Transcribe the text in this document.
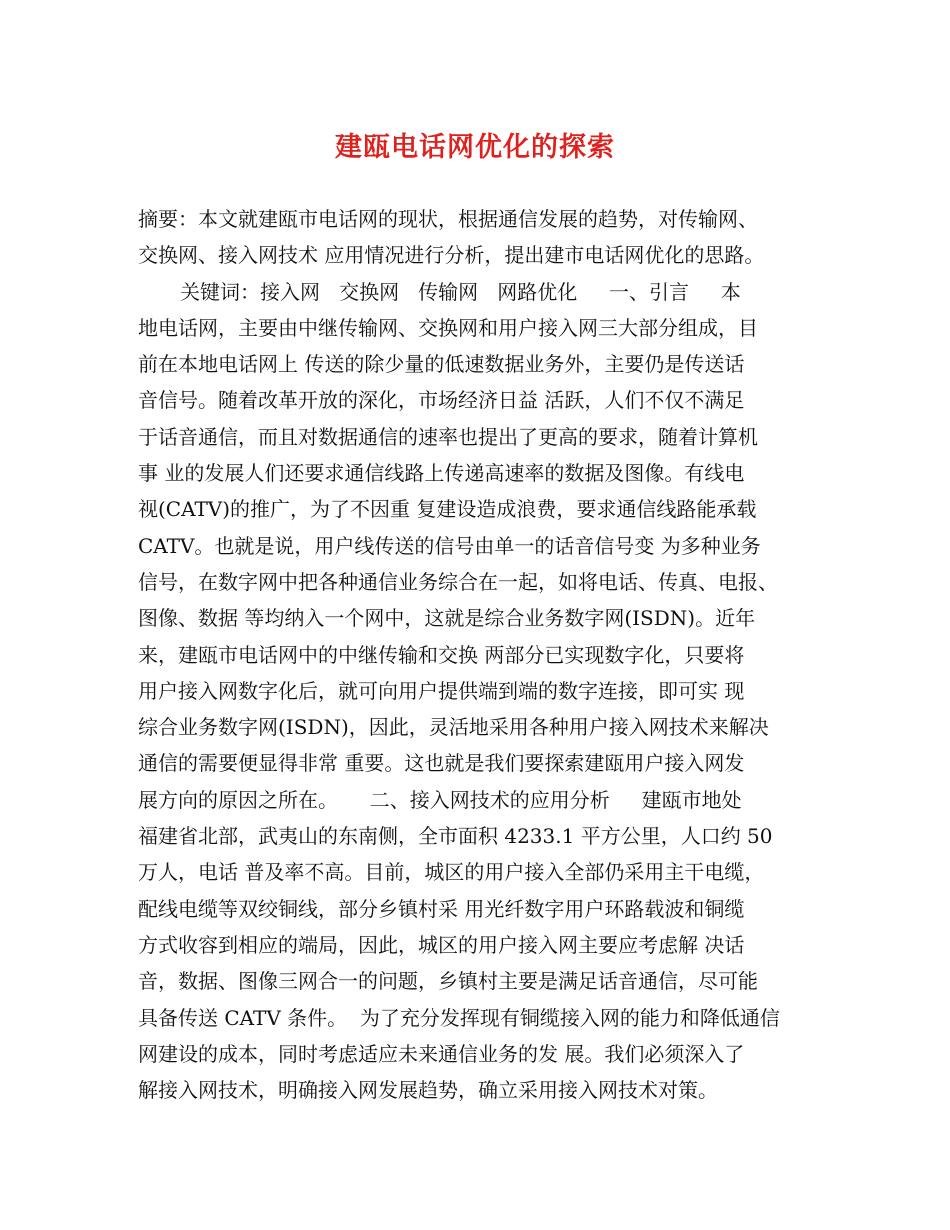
建瓯电话网优化的探索
摘要：本文就建瓯市电话网的现状，根据通信发展的趋势，对传输网、
交换网、接入网技术 应用情况进行分析，提出建市电话网优化的思路。
关键词：接入网   交换网   传输网   网路优化     一、引言     本
地电话网，主要由中继传输网、交换网和用户接入网三大部分组成，目
前在本地电话网上 传送的除少量的低速数据业务外，主要仍是传送话
音信号。随着改革开放的深化，市场经济日益 活跃，人们不仅不满足
于话音通信，而且对数据通信的速率也提出了更高的要求，随着计算机
事 业的发展人们还要求通信线路上传递高速率的数据及图像。有线电
视(CATV)的推广，为了不因重 复建设造成浪费，要求通信线路能承载
CATV。也就是说，用户线传送的信号由单一的话音信号变 为多种业务
信号，在数字网中把各种通信业务综合在一起，如将电话、传真、电报、
图像、数据 等均纳入一个网中，这就是综合业务数字网(ISDN)。近年
来，建瓯市电话网中的中继传输和交换 两部分已实现数字化，只要将
用户接入网数字化后，就可向用户提供端到端的数字连接，即可实 现
综合业务数字网(ISDN)，因此，灵活地采用各种用户接入网技术来解决
通信的需要便显得非常 重要。这也就是我们要探索建瓯用户接入网发
展方向的原因之所在。     二、接入网技术的应用分析     建瓯市地处
福建省北部，武夷山的东南侧，全市面积 4233.1 平方公里，人口约 50
万人，电话 普及率不高。目前，城区的用户接入全部仍采用主干电缆，
配线电缆等双绞铜线，部分乡镇村采 用光纤数字用户环路载波和铜缆
方式收容到相应的端局，因此，城区的用户接入网主要应考虑解 决话
音，数据、图像三网合一的问题，乡镇村主要是满足话音通信，尽可能
具备传送 CATV 条件。  为了充分发挥现有铜缆接入网的能力和降低通信
网建设的成本，同时考虑适应未来通信业务的发 展。我们必须深入了
解接入网技术，明确接入网发展趋势，确立采用接入网技术对策。
